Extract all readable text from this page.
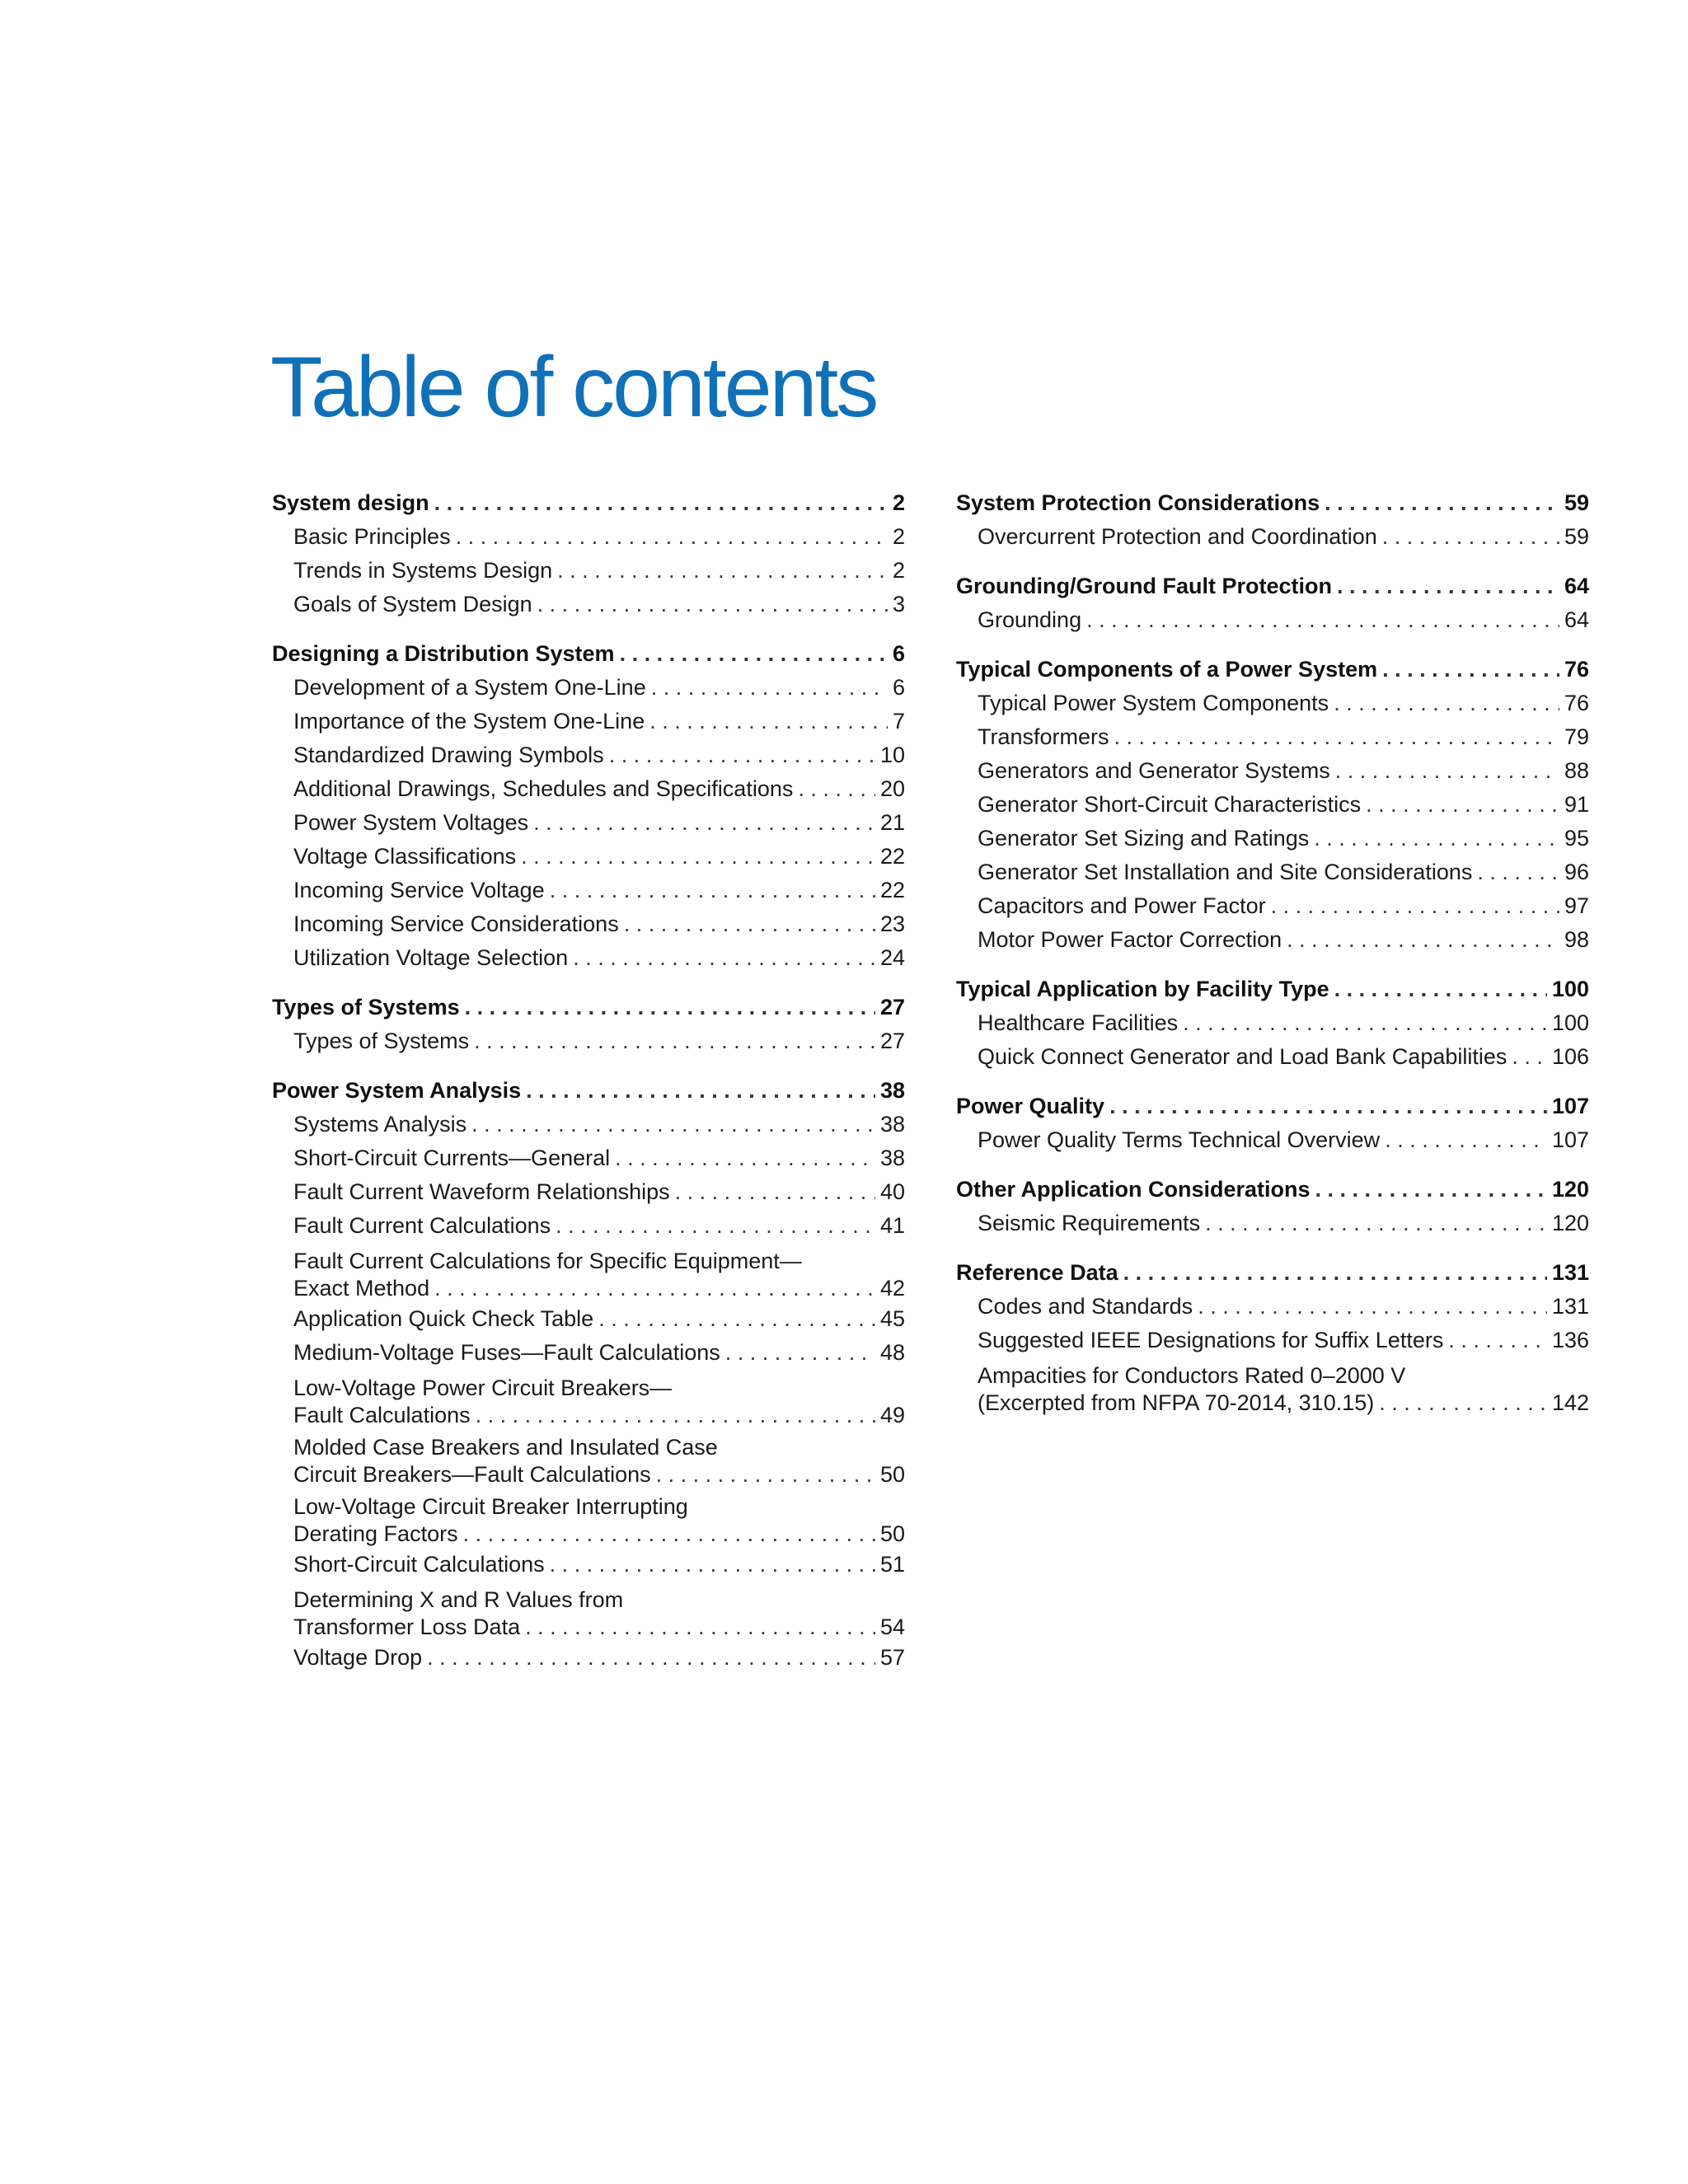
Table of contents
System design . . .	2
Basic Principles . . .	2
Trends in Systems Design . . .	2
Goals of System Design . . .	3
Designing a Distribution System . . .	6
Development of a System One-Line . . .	6
Importance of the System One-Line . . .	7
Standardized Drawing Symbols . . .	10
Additional Drawings, Schedules and Specifications . . .	20
Power System Voltages . . .	21
Voltage Classifications . . .	22
Incoming Service Voltage . . .	22
Incoming Service Considerations . . .	23
Utilization Voltage Selection . . .	24
Types of Systems . . .	27
Types of Systems . . .	27
Power System Analysis . . .	38
Systems Analysis . . .	38
Short-Circuit Currents—General . . .	38
Fault Current Waveform Relationships . . .	40
Fault Current Calculations . . .	41
Fault Current Calculations for Specific Equipment—
Exact Method . . .	42
Application Quick Check Table . . .	45
Medium-Voltage Fuses—Fault Calculations . . .	48
Low-Voltage Power Circuit Breakers—
Fault Calculations . . .	49
Molded Case Breakers and Insulated Case
Circuit Breakers—Fault Calculations . . .	50
Low-Voltage Circuit Breaker Interrupting
Derating Factors . . .	50
Short-Circuit Calculations . . .	51
Determining X and R Values from
Transformer Loss Data . . .	54
Voltage Drop . . .	57
System Protection Considerations . . .	59
Overcurrent Protection and Coordination . . .	59
Grounding/Ground Fault Protection . . .	64
Grounding . . .	64
Typical Components of a Power System . . .	76
Typical Power System Components . . .	76
Transformers . . .	79
Generators and Generator Systems . . .	88
Generator Short-Circuit Characteristics . . .	91
Generator Set Sizing and Ratings . . .	95
Generator Set Installation and Site Considerations . . .	96
Capacitors and Power Factor . . .	97
Motor Power Factor Correction . . .	98
Typical Application by Facility Type . . .	100
Healthcare Facilities . . .	100
Quick Connect Generator and Load Bank Capabilities . . . 106
Power Quality . . .	107
Power Quality Terms Technical Overview . . .	107
Other Application Considerations . . .	120
Seismic Requirements . . .	120
Reference Data . . .	131
Codes and Standards . . .	131
Suggested IEEE Designations for Suffix Letters . . .	136
Ampacities for Conductors Rated 0–2000 V
(Excerpted from NFPA 70-2014, 310.15) . . .	142
